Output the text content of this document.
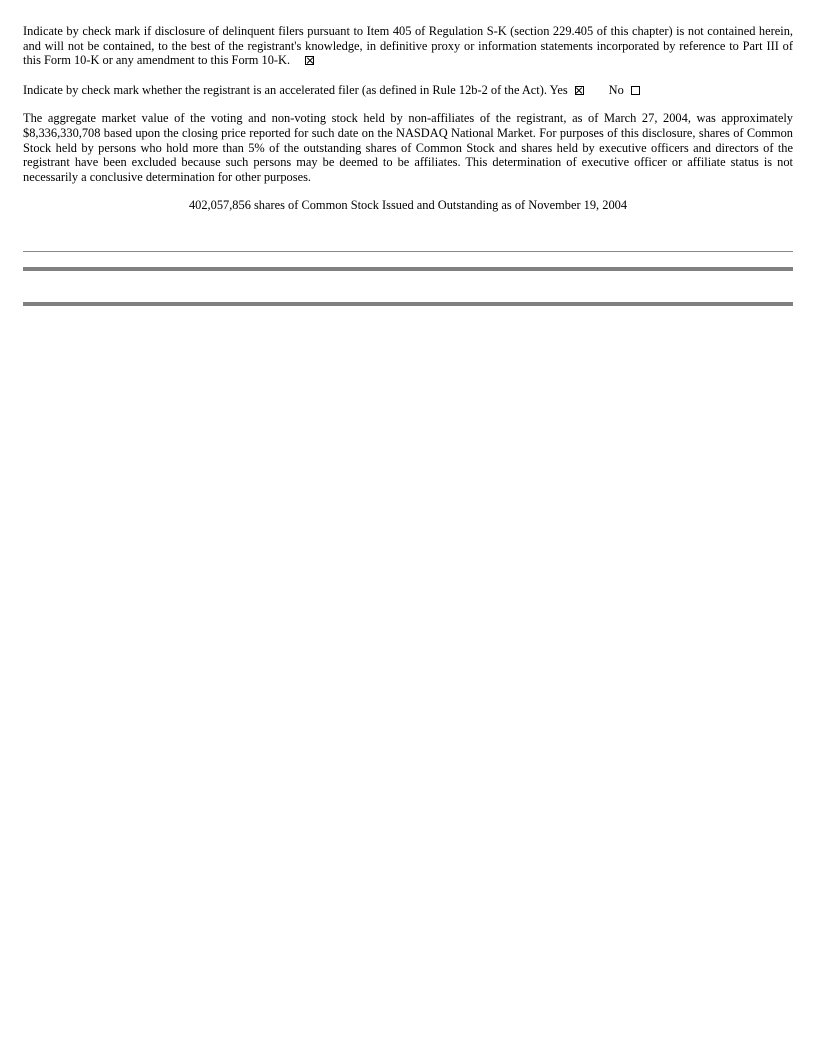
Indicate by check mark if disclosure of delinquent filers pursuant to Item 405 of Regulation S-K (section 229.405 of this chapter) is not contained herein, and will not be contained, to the best of the registrant's knowledge, in definitive proxy or information statements incorporated by reference to Part III of this Form 10-K or any amendment to this Form 10-K.

Indicate by check mark whether the registrant is an accelerated filer (as defined in Rule 12b-2 of the Act). Yes	No

The aggregate market value of the voting and non-voting stock held by non-affiliates of the registrant, as of March 27, 2004, was approximately $8,336,330,708 based upon the closing price reported for such date on the NASDAQ National Market. For purposes of this disclosure, shares of Common Stock held by persons who hold more than 5% of the outstanding shares of Common Stock and shares held by executive officers and directors of the registrant have been excluded because such persons may be deemed to be affiliates. This determination of executive officer or affiliate status is not necessarily a conclusive determination for other purposes.

402,057,856 shares of Common Stock Issued and Outstanding as of November 19, 2004
